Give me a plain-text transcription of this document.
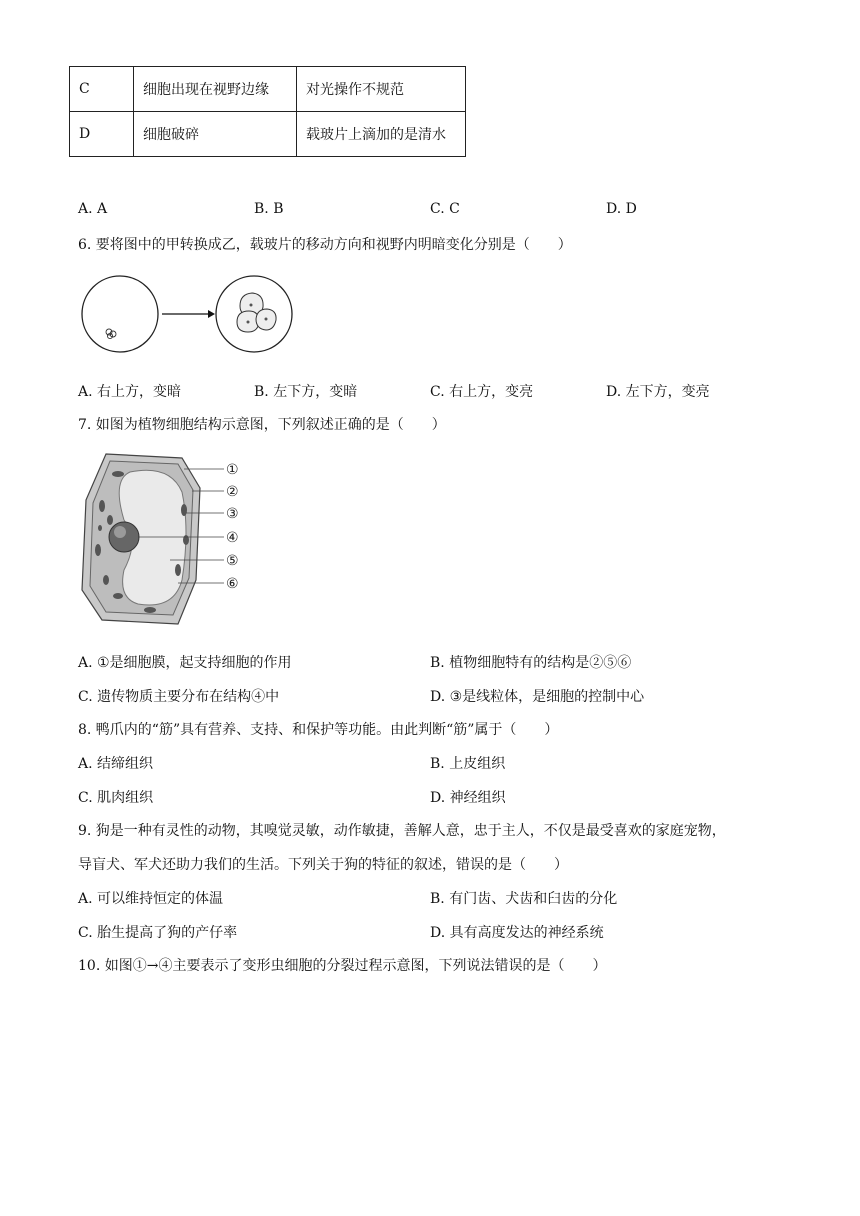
C	细胞出现在视野边缘	对光操作不规范
D	细胞破碎	载玻片上滴加的是清水
A. A	B. B	C. C	D. D
6. 要将图中的甲转换成乙，载玻片的移动方向和视野内明暗变化分别是（　　）
A. 右上方，变暗	B. 左下方，变暗	C. 右上方，变亮	D. 左下方，变亮
7. 如图为植物细胞结构示意图，下列叙述正确的是（　　）
①
②
③
④
⑤
⑥
A. ①是细胞膜，起支持细胞的作用	B. 植物细胞特有的结构是②⑤⑥
C. 遗传物质主要分布在结构④中	D. ③是线粒体，是细胞的控制中心
8. 鸭爪内的“筋”具有营养、支持、和保护等功能。由此判断“筋”属于（　　）
A. 结缔组织	B. 上皮组织
C. 肌肉组织	D. 神经组织
9. 狗是一种有灵性的动物，其嗅觉灵敏，动作敏捷，善解人意，忠于主人，不仅是最受喜欢的家庭宠物，
导盲犬、军犬还助力我们的生活。下列关于狗的特征的叙述，错误的是（　　）
A. 可以维持恒定的体温	B. 有门齿、犬齿和臼齿的分化
C. 胎生提高了狗的产仔率	D. 具有高度发达的神经系统
10. 如图①→④主要表示了变形虫细胞的分裂过程示意图，下列说法错误的是（　　）
